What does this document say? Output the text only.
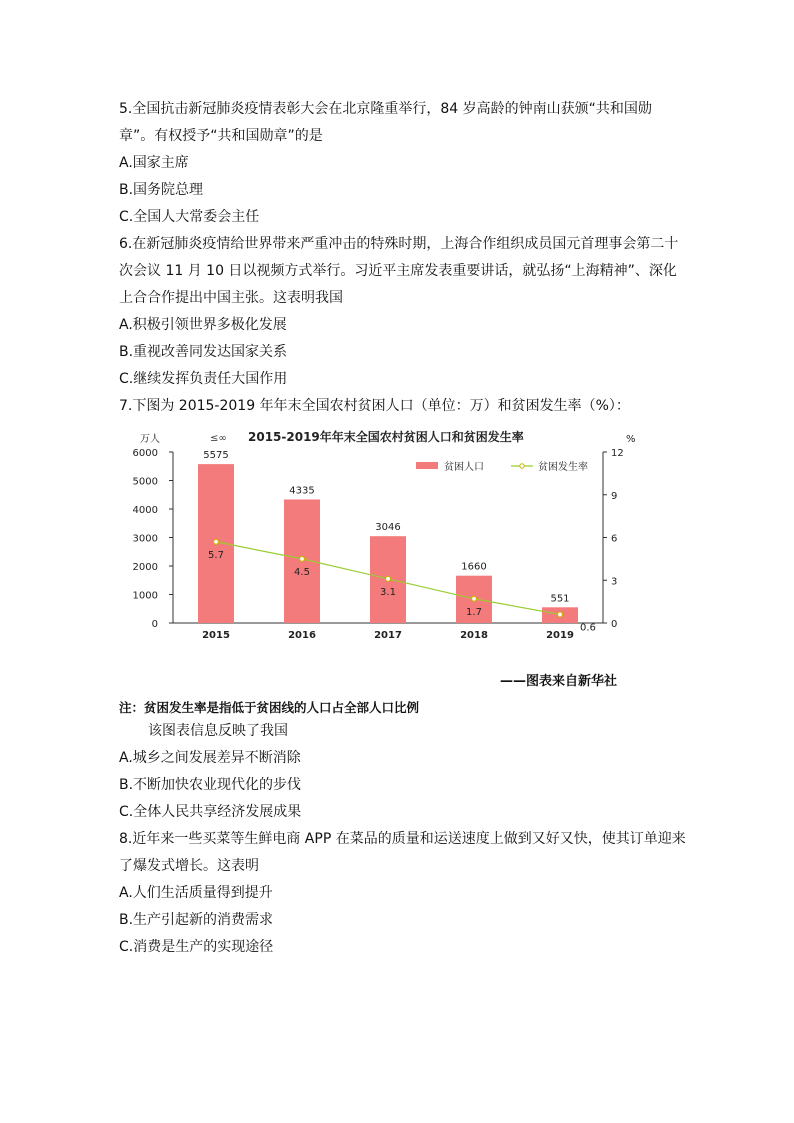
5.全国抗击新冠肺炎疫情表彰大会在北京隆重举行，84 岁高龄的钟南山获颁“共和国勋
章”。有权授予“共和国勋章”的是
A.国家主席
B.国务院总理
C.全国人大常委会主任
6.在新冠肺炎疫情给世界带来严重冲击的特殊时期，上海合作组织成员国元首理事会第二十
次会议 11 月 10 日以视频方式举行。习近平主席发表重要讲话，就弘扬“上海精神”、深化
上合合作提出中国主张。这表明我国
A.积极引领世界多极化发展
B.重视改善同发达国家关系
C.继续发挥负责任大国作用
7.下图为 2015-2019 年年末全国农村贫困人口（单位：万）和贫困发生率（%）：
万人	%
0
1000
2000
3000
4000
5000
6000
0
3
6
9
12
≤∞ 2015-2019年年末全国农村贫困人口和贫困发生率
5575
4335
3046
1660
551
2015	2016	2017	2018	2019
5.7
4.5
3.1
1.7
0.6
贫困人口	贫困发生率
——图表来自新华社
注：贫困发生率是指低于贫困线的人口占全部人口比例
该图表信息反映了我国
A.城乡之间发展差异不断消除
B.不断加快农业现代化的步伐
C.全体人民共享经济发展成果
8.近年来一些买菜等生鲜电商 APP 在菜品的质量和运送速度上做到又好又快，使其订单迎来
了爆发式增长。这表明
A.人们生活质量得到提升
B.生产引起新的消费需求
C.消费是生产的实现途径
